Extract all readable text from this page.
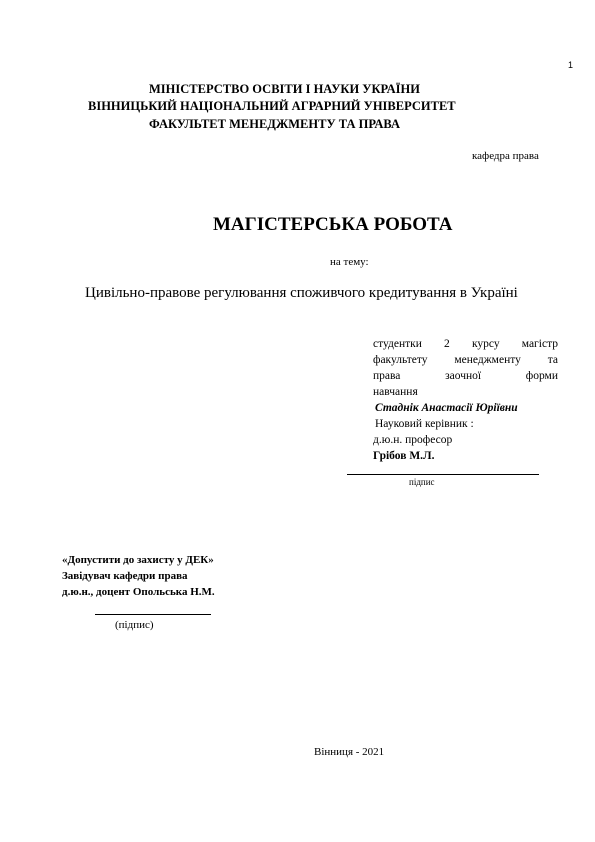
1
МІНІСТЕРСТВО ОСВІТИ І НАУКИ УКРАЇНИ
ВІННИЦЬКИЙ НАЦІОНАЛЬНИЙ АГРАРНИЙ УНІВЕРСИТЕТ
ФАКУЛЬТЕТ МЕНЕДЖМЕНТУ ТА ПРАВА
кафедра права
МАГІСТЕРСЬКА РОБОТА
на тему:
Цивільно-правове регулювання споживчого кредитування в Україні
студентки 2 курсу магістр
факультету менеджменту та
права заочної форми
навчання
Стаднік Анастасії Юріївни
Науковий керівник :
д.ю.н. професор
Грібов М.Л.
підпис
«Допустити до захисту у ДЕК»
Завідувач кафедри права
д.ю.н., доцент Опольська Н.М.
(підпис)
Вінниця - 2021
